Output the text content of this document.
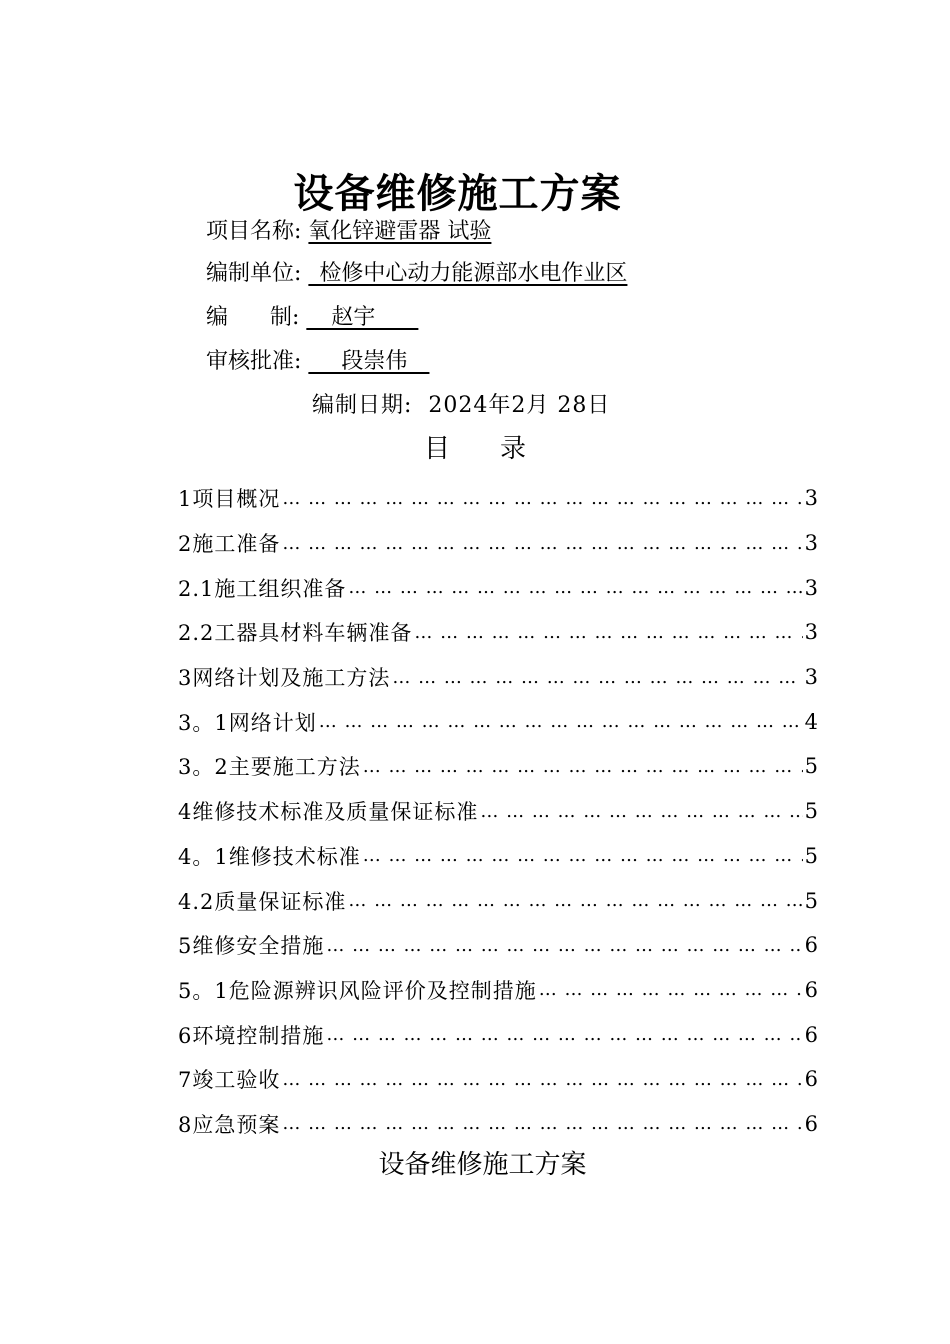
设备维修施工方案
项目名称: 氧化锌避雷器 试验
编制单位: _检修中心动力能源部水电作业区
编      制: _  赵宇   __
审核批准: ___段崇伟__
编制日期:  2024年2月 28日
目 录
1项目概况 … … … … … … … … … … … … … … … … … … … … … … … … … … … … … … … … … … … …	3
2施工准备 … … … … … … … … … … … … … … … … … … … … … … … … … … … … … … … … … … … …	3
2.1施工组织准备 … … … … … … … … … … … … … … … … … … … … … … … … … … … … … … … … … … … …	3
2.2工器具材料车辆准备 … … … … … … … … … … … … … … … … … … … … … … … … … … … … … … … … … … … …	3
3网络计划及施工方法 … … … … … … … … … … … … … … … … … … … … … … … … … … … … … … … … … … … …	3
3。1网络计划 … … … … … … … … … … … … … … … … … … … … … … … … … … … … … … … … … … … …	4
3。2主要施工方法 … … … … … … … … … … … … … … … … … … … … … … … … … … … … … … … … … … … …	5
4维修技术标准及质量保证标准 … … … … … … … … … … … … … … … … … … … … … … … … … … … … … … … … … … … …	5
4。1维修技术标准 … … … … … … … … … … … … … … … … … … … … … … … … … … … … … … … … … … … …	5
4.2质量保证标准 … … … … … … … … … … … … … … … … … … … … … … … … … … … … … … … … … … … …	5
5维修安全措施 … … … … … … … … … … … … … … … … … … … … … … … … … … … … … … … … … … … …	6
5。1危险源辨识风险评价及控制措施 … … … … … … … … … … … … … … … … … … … … … … … … … … … … … … … … … … … …	6
6环境控制措施 … … … … … … … … … … … … … … … … … … … … … … … … … … … … … … … … … … … …	6
7竣工验收 … … … … … … … … … … … … … … … … … … … … … … … … … … … … … … … … … … … …	6
8应急预案 … … … … … … … … … … … … … … … … … … … … … … … … … … … … … … … … … … … …	6
设备维修施工方案
